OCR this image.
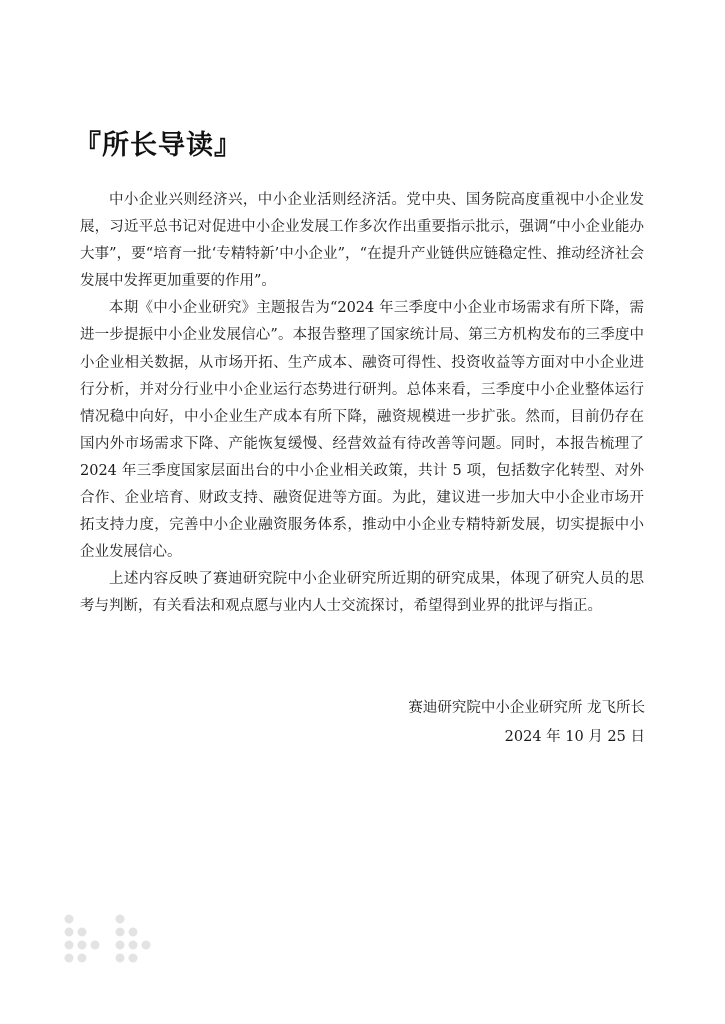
『所长导读』

中小企业兴则经济兴，中小企业活则经济活。党中央、国务院高度重视中小企业发展，习近平总书记对促进中小企业发展工作多次作出重要指示批示，强调“中小企业能办大事”，要“培育一批‘专精特新’中小企业”，“在提升产业链供应链稳定性、推动经济社会发展中发挥更加重要的作用”。

本期《中小企业研究》主题报告为“2024 年三季度中小企业市场需求有所下降，需进一步提振中小企业发展信心”。本报告整理了国家统计局、第三方机构发布的三季度中小企业相关数据，从市场开拓、生产成本、融资可得性、投资收益等方面对中小企业进行分析，并对分行业中小企业运行态势进行研判。总体来看，三季度中小企业整体运行情况稳中向好，中小企业生产成本有所下降，融资规模进一步扩张。然而，目前仍存在国内外市场需求下降、产能恢复缓慢、经营效益有待改善等问题。同时，本报告梳理了 2024 年三季度国家层面出台的中小企业相关政策，共计 5 项，包括数字化转型、对外合作、企业培育、财政支持、融资促进等方面。为此，建议进一步加大中小企业市场开拓支持力度，完善中小企业融资服务体系，推动中小企业专精特新发展，切实提振中小企业发展信心。

上述内容反映了赛迪研究院中小企业研究所近期的研究成果，体现了研究人员的思考与判断，有关看法和观点愿与业内人士交流探讨，希望得到业界的批评与指正。

赛迪研究院中小企业研究所 龙飞所长
2024 年 10 月 25 日
